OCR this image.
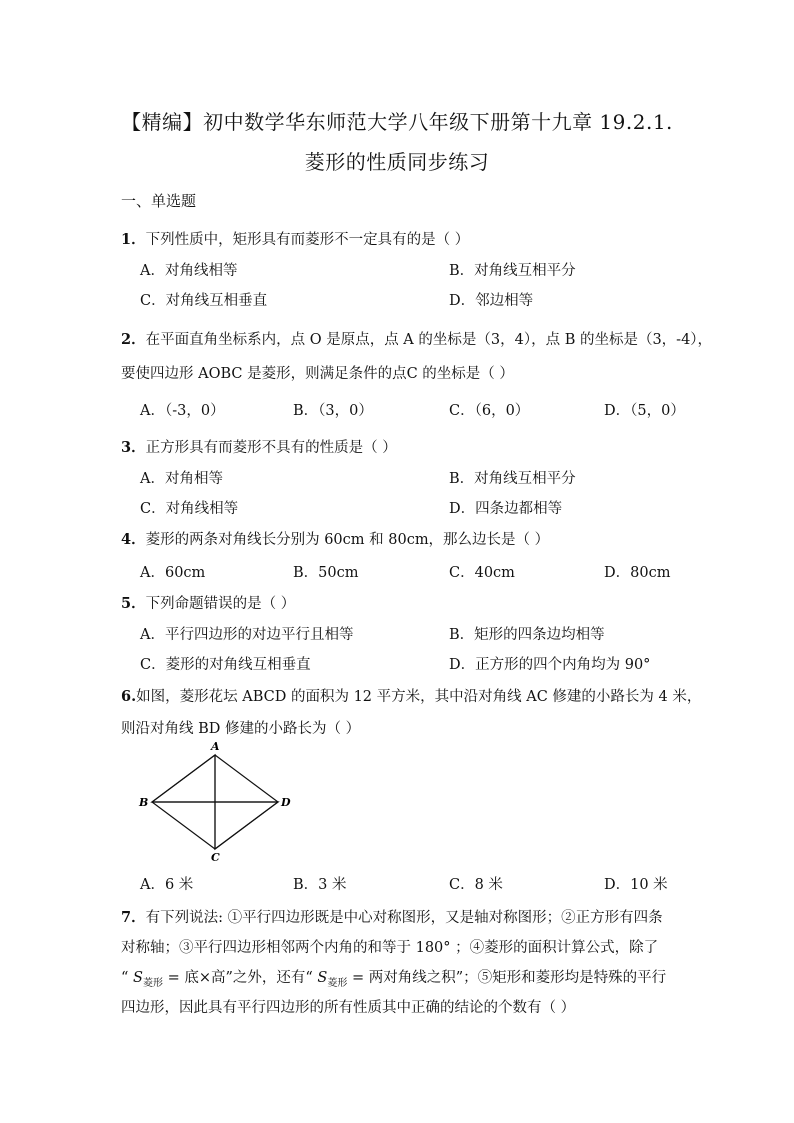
【精编】初中数学华东师范大学八年级下册第十九章 19.2.1.
菱形的性质同步练习
一、单选题
1．下列性质中，矩形具有而菱形不一定具有的是（ ）
A．对角线相等	B．对角线互相平分
C．对角线互相垂直	D．邻边相等
2．在平面直角坐标系内，点 O 是原点，点 A 的坐标是（3，4），点 B 的坐标是（3，-4），
要使四边形 AOBC 是菱形，则满足条件的点C 的坐标是（ ）
A．（-3，0）	B．（3，0）	C．（6，0）	D．（5，0）
3．正方形具有而菱形不具有的性质是（ ）
A．对角相等	B．对角线互相平分
C．对角线相等	D．四条边都相等
4．菱形的两条对角线长分别为 60cm 和 80cm，那么边长是（ ）
A．60cm	B．50cm	C．40cm	D．80cm
5．下列命题错误的是（ ）
A．平行四边形的对边平行且相等	B．矩形的四条边均相等
C．菱形的对角线互相垂直	D．正方形的四个内角均为 90°
6.如图，菱形花坛 ABCD 的面积为 12 平方米，其中沿对角线 AC 修建的小路长为 4 米，
则沿对角线 BD 修建的小路长为（ ）
A
B
C
D
A．6 米	B．3 米	C．8 米	D．10 米
7．有下列说法: ①平行四边形既是中心对称图形，又是轴对称图形；②正方形有四条
对称轴；③平行四边形相邻两个内角的和等于 180° ；④菱形的面积计算公式，除了
“ $S_{菱形}$ = 底×高”之外，还有“ $S_{菱形}$ = 两对角线之积”；⑤矩形和菱形均是特殊的平行
四边形，因此具有平行四边形的所有性质其中正确的结论的个数有（ ）
